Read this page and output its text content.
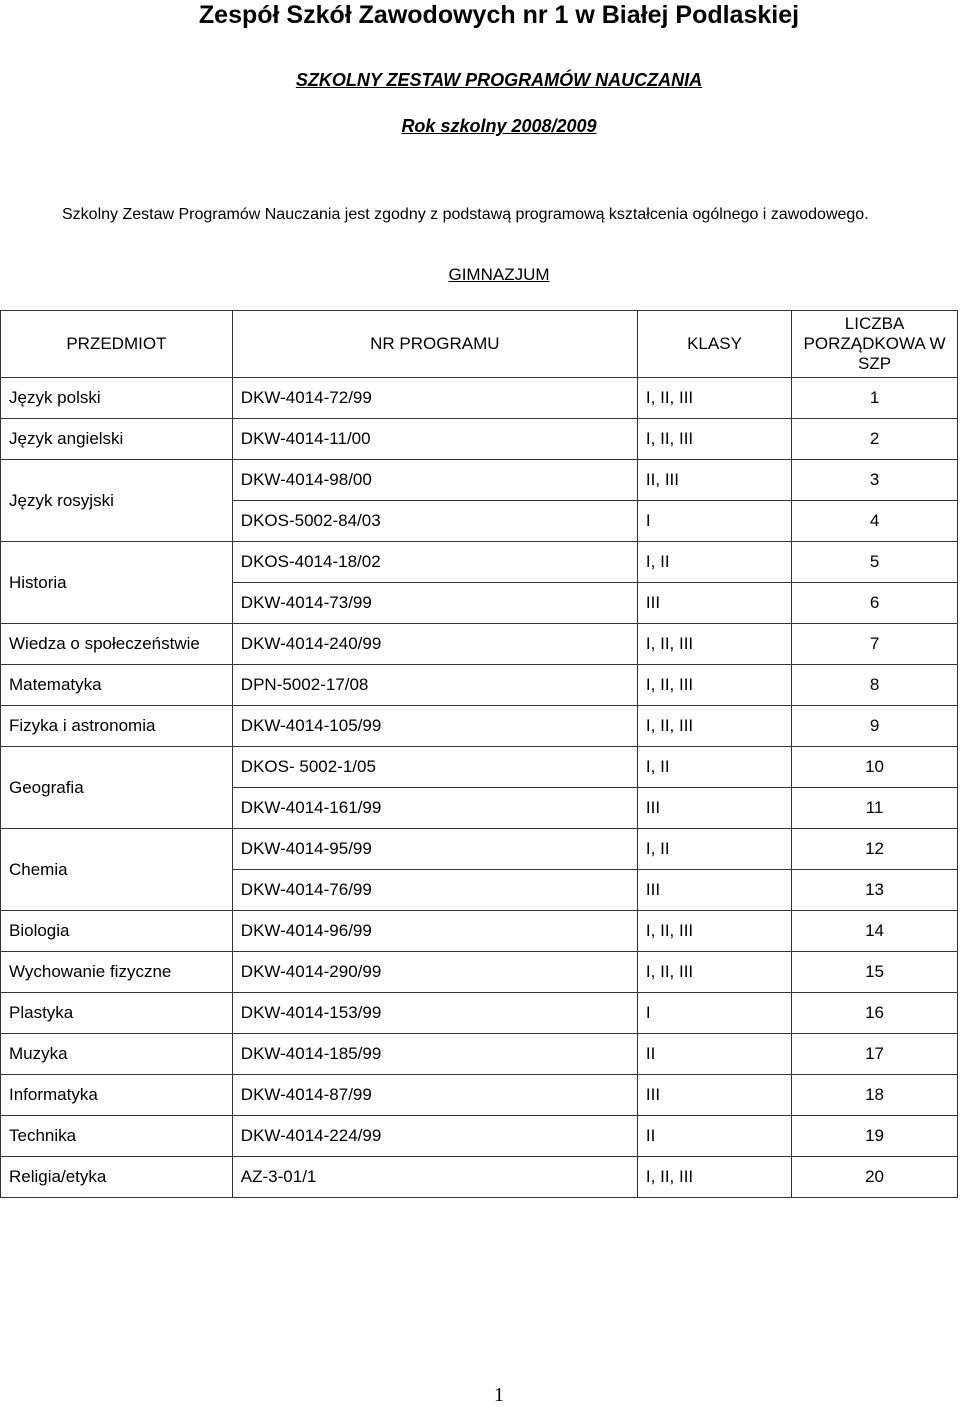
Zespół Szkół Zawodowych nr 1 w Białej Podlaskiej
SZKOLNY ZESTAW PROGRAMÓW NAUCZANIA
Rok szkolny 2008/2009
Szkolny Zestaw Programów Nauczania jest zgodny z podstawą programową kształcenia ogólnego i zawodowego.
GIMNAZJUM
PRZEDMIOT	NR PROGRAMU	KLASY	LICZBA PORZĄDKOWA W SZP
Język polski	DKW-4014-72/99	I, II, III	1
Język angielski	DKW-4014-11/00	I, II, III	2
Język rosyjski	DKW-4014-98/00	II, III	3
	DKOS-5002-84/03	I	4
Historia	DKOS-4014-18/02	I, II	5
	DKW-4014-73/99	III	6
Wiedza o społeczeństwie	DKW-4014-240/99	I, II, III	7
Matematyka	DPN-5002-17/08	I, II, III	8
Fizyka i astronomia	DKW-4014-105/99	I, II, III	9
Geografia	DKOS- 5002-1/05	I, II	10
	DKW-4014-161/99	III	11
Chemia	DKW-4014-95/99	I, II	12
	DKW-4014-76/99	III	13
Biologia	DKW-4014-96/99	I, II, III	14
Wychowanie fizyczne	DKW-4014-290/99	I, II, III	15
Plastyka	DKW-4014-153/99	I	16
Muzyka	DKW-4014-185/99	II	17
Informatyka	DKW-4014-87/99	III	18
Technika	DKW-4014-224/99	II	19
Religia/etyka	AZ-3-01/1	I, II, III	20
1
